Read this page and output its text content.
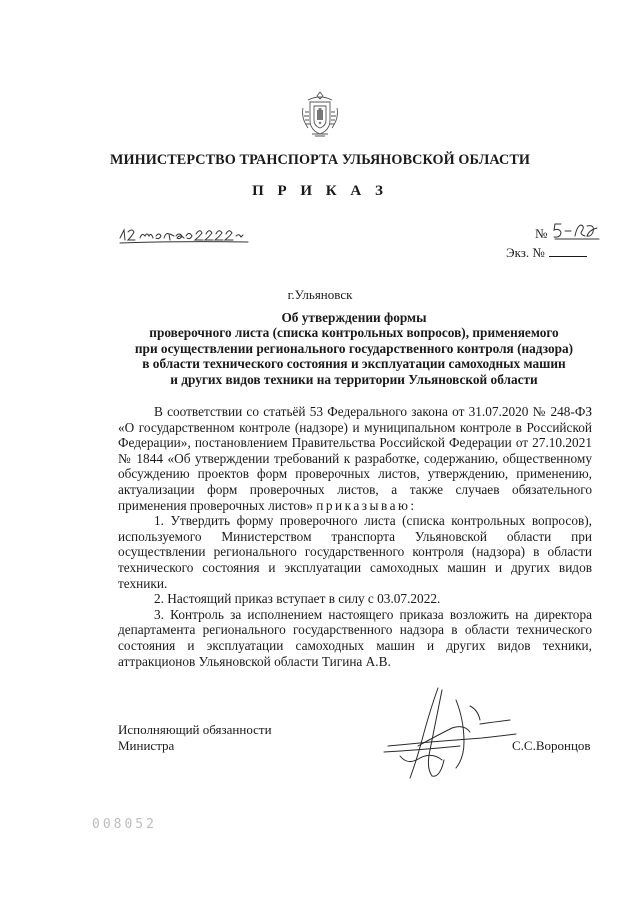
МИНИСТЕРСТВО ТРАНСПОРТА УЛЬЯНОВСКОЙ ОБЛАСТИ
П Р И К А З
№
Экз. №
г.Ульяновск
Об утверждении формы
проверочного листа (списка контрольных вопросов), применяемого
при осуществлении регионального государственного контроля (надзора)
в области технического состояния и эксплуатации самоходных машин
и других видов техники на территории Ульяновской области

В соответствии со статьёй 53 Федерального закона от 31.07.2020 № 248-ФЗ «О государственном контроле (надзоре) и муниципальном контроле в Российской Федерации», постановлением Правительства Российской Федерации от 27.10.2021 № 1844 «Об утверждении требований к разработке, содержанию, общественному обсуждению проектов форм проверочных листов, утверждению, применению, актуализации форм проверочных листов, а также случаев обязательного применения проверочных листов» приказываю:

1. Утвердить форму проверочного листа (списка контрольных вопросов), используемого Министерством транспорта Ульяновской области при осуществлении регионального государственного контроля (надзора) в области технического состояния и эксплуатации самоходных машин и других видов техники.

2. Настоящий приказ вступает в силу с 03.07.2022.

3. Контроль за исполнением настоящего приказа возложить на директора департамента регионального государственного надзора в области технического состояния и эксплуатации самоходных машин и других видов техники, аттракционов Ульяновской области Тигина А.В.

Исполняющий обязанности
Министра	С.С.Воронцов
008052
